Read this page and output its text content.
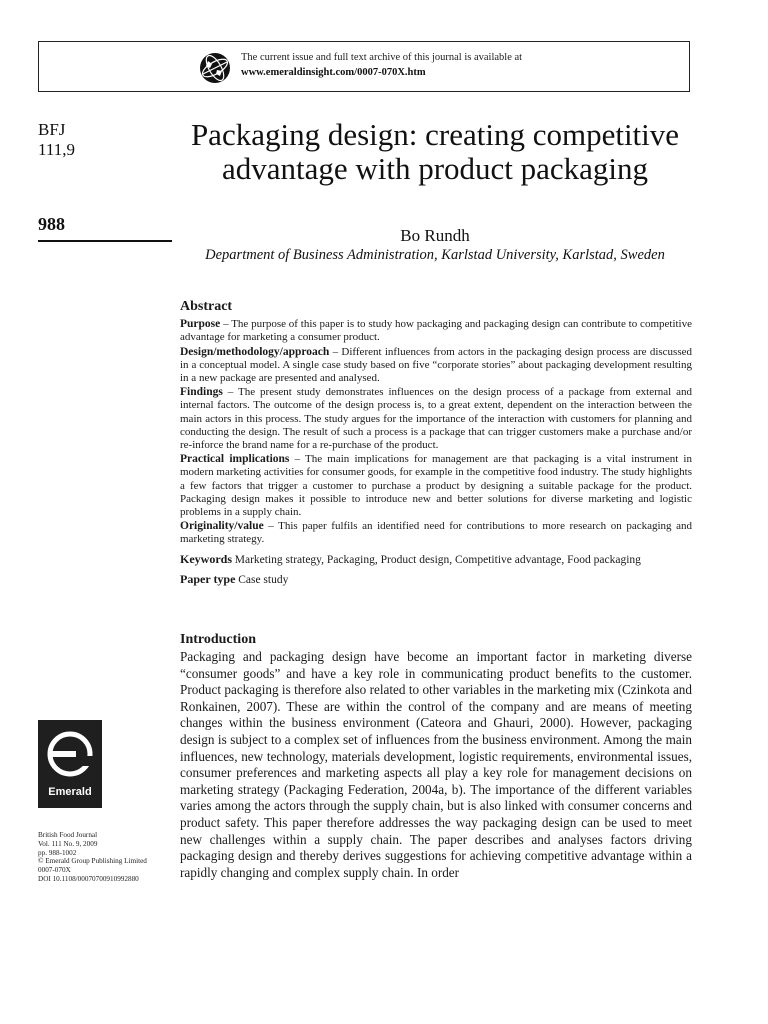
The current issue and full text archive of this journal is available at
www.emeraldinsight.com/0007-070X.htm
BFJ
111,9
988
Packaging design: creating competitive advantage with product packaging
Bo Rundh
Department of Business Administration, Karlstad University, Karlstad, Sweden
Abstract

Purpose – The purpose of this paper is to study how packaging and packaging design can contribute to competitive advantage for marketing a consumer product.

Design/methodology/approach – Different influences from actors in the packaging design process are discussed in a conceptual model. A single case study based on five “corporate stories” about packaging development resulting in a new package are presented and analysed.

Findings – The present study demonstrates influences on the design process of a package from external and internal factors. The outcome of the design process is, to a great extent, dependent on the interaction between the main actors in this process. The study argues for the importance of the interaction with customers for planning and conducting the design. The result of such a process is a package that can trigger customers make a purchase and/or re-inforce the brand name for a re-purchase of the product.

Practical implications – The main implications for management are that packaging is a vital instrument in modern marketing activities for consumer goods, for example in the competitive food industry. The study highlights a few factors that trigger a customer to purchase a product by designing a suitable package for the product. Packaging design makes it possible to introduce new and better solutions for diverse marketing and logistic problems in a supply chain.

Originality/value – This paper fulfils an identified need for contributions to more research on packaging and marketing strategy.

Keywords Marketing strategy, Packaging, Product design, Competitive advantage, Food packaging

Paper type Case study

Introduction

Packaging and packaging design have become an important factor in marketing diverse “consumer goods” and have a key role in communicating product benefits to the customer. Product packaging is therefore also related to other variables in the marketing mix (Czinkota and Ronkainen, 2007). These are within the control of the company and are means of meeting changes within the business environment (Cateora and Ghauri, 2000). However, packaging design is subject to a complex set of influences from the business environment. Among the main influences, new technology, materials development, logistic requirements, environmental issues, consumer preferences and marketing aspects all play a key role for management decisions on marketing strategy (Packaging Federation, 2004a, b). The importance of the different variables varies among the actors through the supply chain, but is also linked with consumer concerns and product safety. This paper therefore addresses the way packaging design can be used to meet new challenges within a supply chain. The paper describes and analyses factors driving packaging design and thereby derives suggestions for achieving competitive advantage within a rapidly changing and complex supply chain. In order

Emerald
British Food Journal
Vol. 111 No. 9, 2009
pp. 988-1002
© Emerald Group Publishing Limited
0007-070X
DOI 10.1108/00070700910992880
